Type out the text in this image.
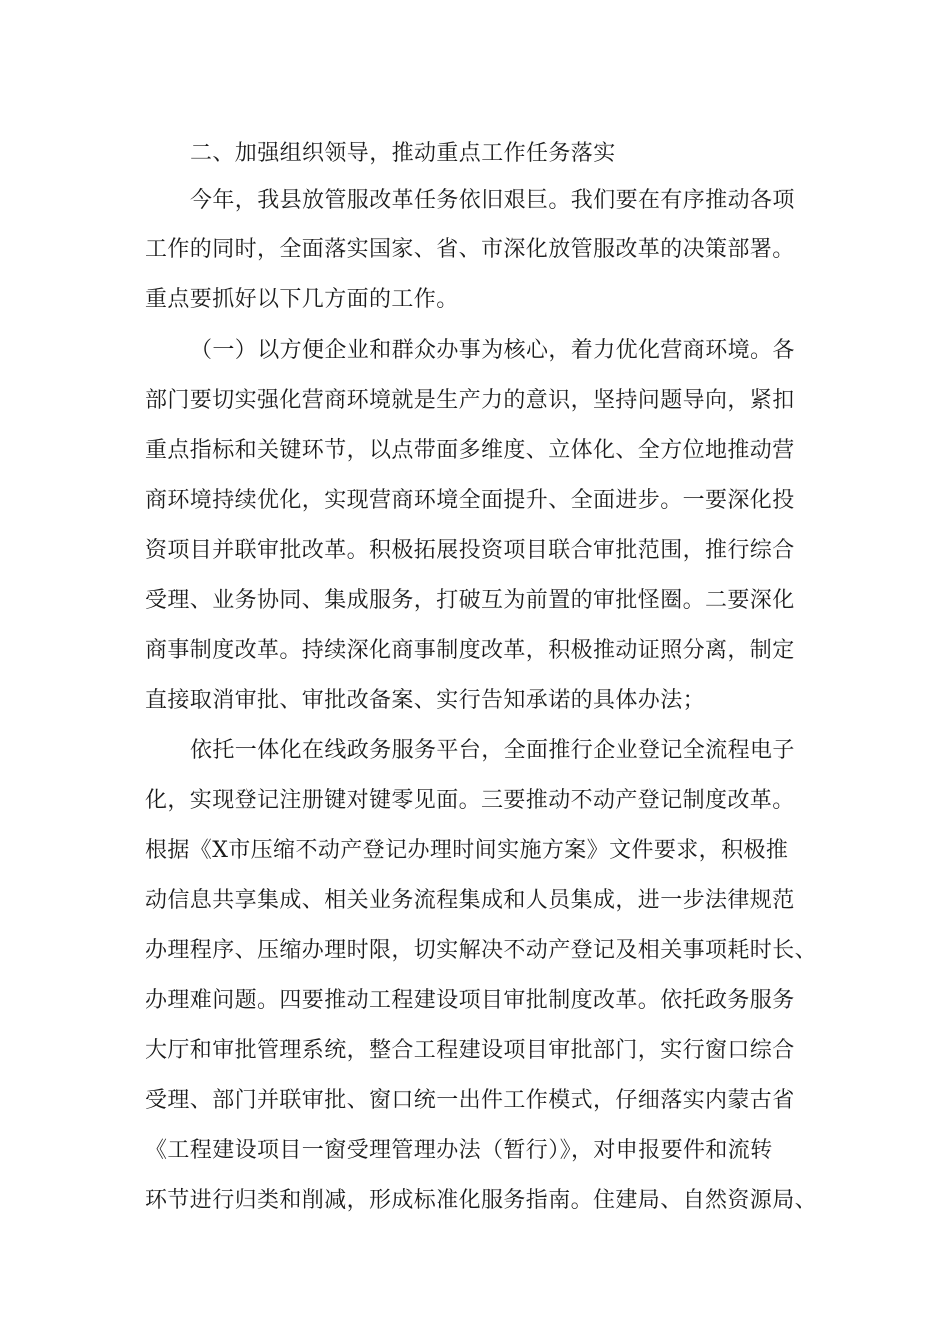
二、加强组织领导，推动重点工作任务落实
今年，我县放管服改革任务依旧艰巨。我们要在有序推动各项
工作的同时，全面落实国家、省、市深化放管服改革的决策部署。
重点要抓好以下几方面的工作。
（一）以方便企业和群众办事为核心，着力优化营商环境。各
部门要切实强化营商环境就是生产力的意识，坚持问题导向，紧扣
重点指标和关键环节，以点带面多维度、立体化、全方位地推动营
商环境持续优化，实现营商环境全面提升、全面进步。一要深化投
资项目并联审批改革。积极拓展投资项目联合审批范围，推行综合
受理、业务协同、集成服务，打破互为前置的审批怪圈。二要深化
商事制度改革。持续深化商事制度改革，积极推动证照分离，制定
直接取消审批、审批改备案、实行告知承诺的具体办法；
依托一体化在线政务服务平台，全面推行企业登记全流程电子
化，实现登记注册键对键零见面。三要推动不动产登记制度改革。
根据《X市压缩不动产登记办理时间实施方案》文件要求，积极推
动信息共享集成、相关业务流程集成和人员集成，进一步法律规范
办理程序、压缩办理时限，切实解决不动产登记及相关事项耗时长、
办理难问题。四要推动工程建设项目审批制度改革。依托政务服务
大厅和审批管理系统，整合工程建设项目审批部门，实行窗口综合
受理、部门并联审批、窗口统一出件工作模式，仔细落实内蒙古省
《工程建设项目一窗受理管理办法（暂行）》，对申报要件和流转
环节进行归类和削减，形成标准化服务指南。住建局、自然资源局、
